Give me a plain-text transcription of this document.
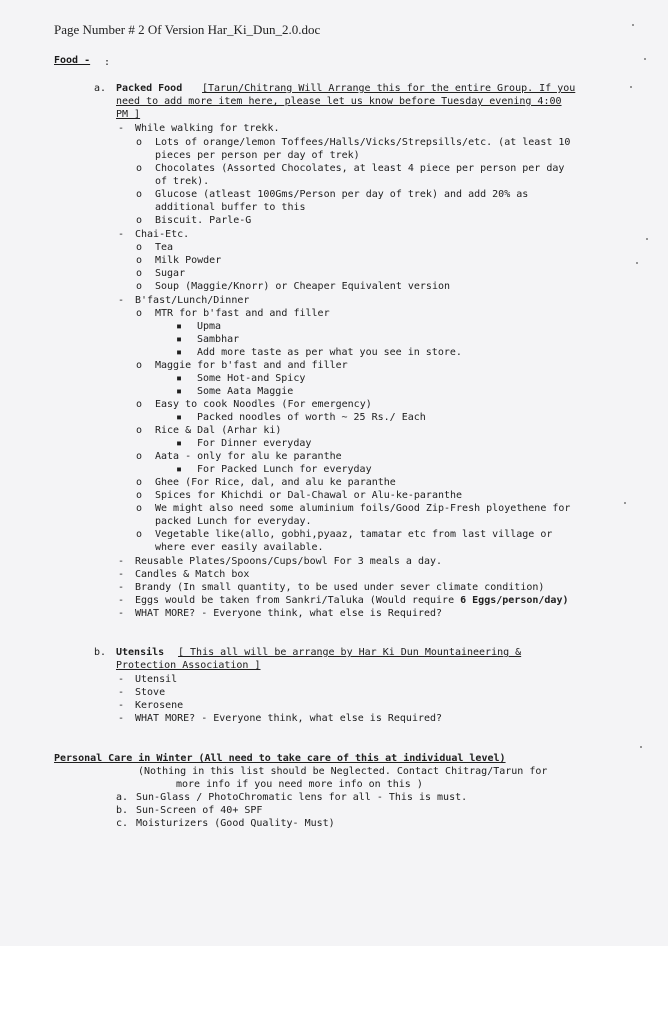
Page Number # 2 Of Version Har_Ki_Dun_2.0.doc
Food - :
a. Packed Food [Tarun/Chitrang Will Arrange this for the entire Group. If you
need to add more item here, please let us know before Tuesday evening 4:00
PM ]
- While walking for trekk.
o Lots of orange/lemon Toffees/Halls/Vicks/Strepsills/etc. (at least 10
pieces per person per day of trek)
o Chocolates (Assorted Chocolates, at least 4 piece per person per day
of trek).
o Glucose (atleast 100Gms/Person per day of trek) and add 20% as
additional buffer to this
o Biscuit. Parle-G
- Chai-Etc.
o Tea
o Milk Powder
o Sugar
o Soup (Maggie/Knorr) or Cheaper Equivalent version
- B'fast/Lunch/Dinner
o MTR for b'fast and and filler
▪ Upma
▪ Sambhar
▪ Add more taste as per what you see in store.
o Maggie for b'fast and and filler
▪ Some Hot-and Spicy
▪ Some Aata Maggie
o Easy to cook Noodles (For emergency)
▪ Packed noodles of worth ~ 25 Rs./ Each
o Rice & Dal (Arhar ki)
▪ For Dinner everyday
o Aata - only for alu ke paranthe
▪ For Packed Lunch for everyday
o Ghee (For Rice, dal, and alu ke paranthe
o Spices for Khichdi or Dal-Chawal or Alu-ke-paranthe
o We might also need some aluminium foils/Good Zip-Fresh ployethene for
packed Lunch for everyday.
o Vegetable like(allo, gobhi,pyaaz, tamatar etc from last village or
where ever easily available.
- Reusable Plates/Spoons/Cups/bowl For 3 meals a day.
- Candles & Match box
- Brandy (In small quantity, to be used under sever climate condition)
- Eggs would be taken from Sankri/Taluka (Would require 6 Eggs/person/day)
- WHAT MORE? - Everyone think, what else is Required?
b. Utensils [ This all will be arrange by Har Ki Dun Mountaineering &
Protection Association ]
- Utensil
- Stove
- Kerosene
- WHAT MORE? - Everyone think, what else is Required?
Personal Care in Winter (All need to take care of this at individual level)
(Nothing in this list should be Neglected. Contact Chitrag/Tarun for
more info if you need more info on this )
a. Sun-Glass / PhotoChromatic lens for all - This is must.
b. Sun-Screen of 40+ SPF
c. Moisturizers (Good Quality- Must)
